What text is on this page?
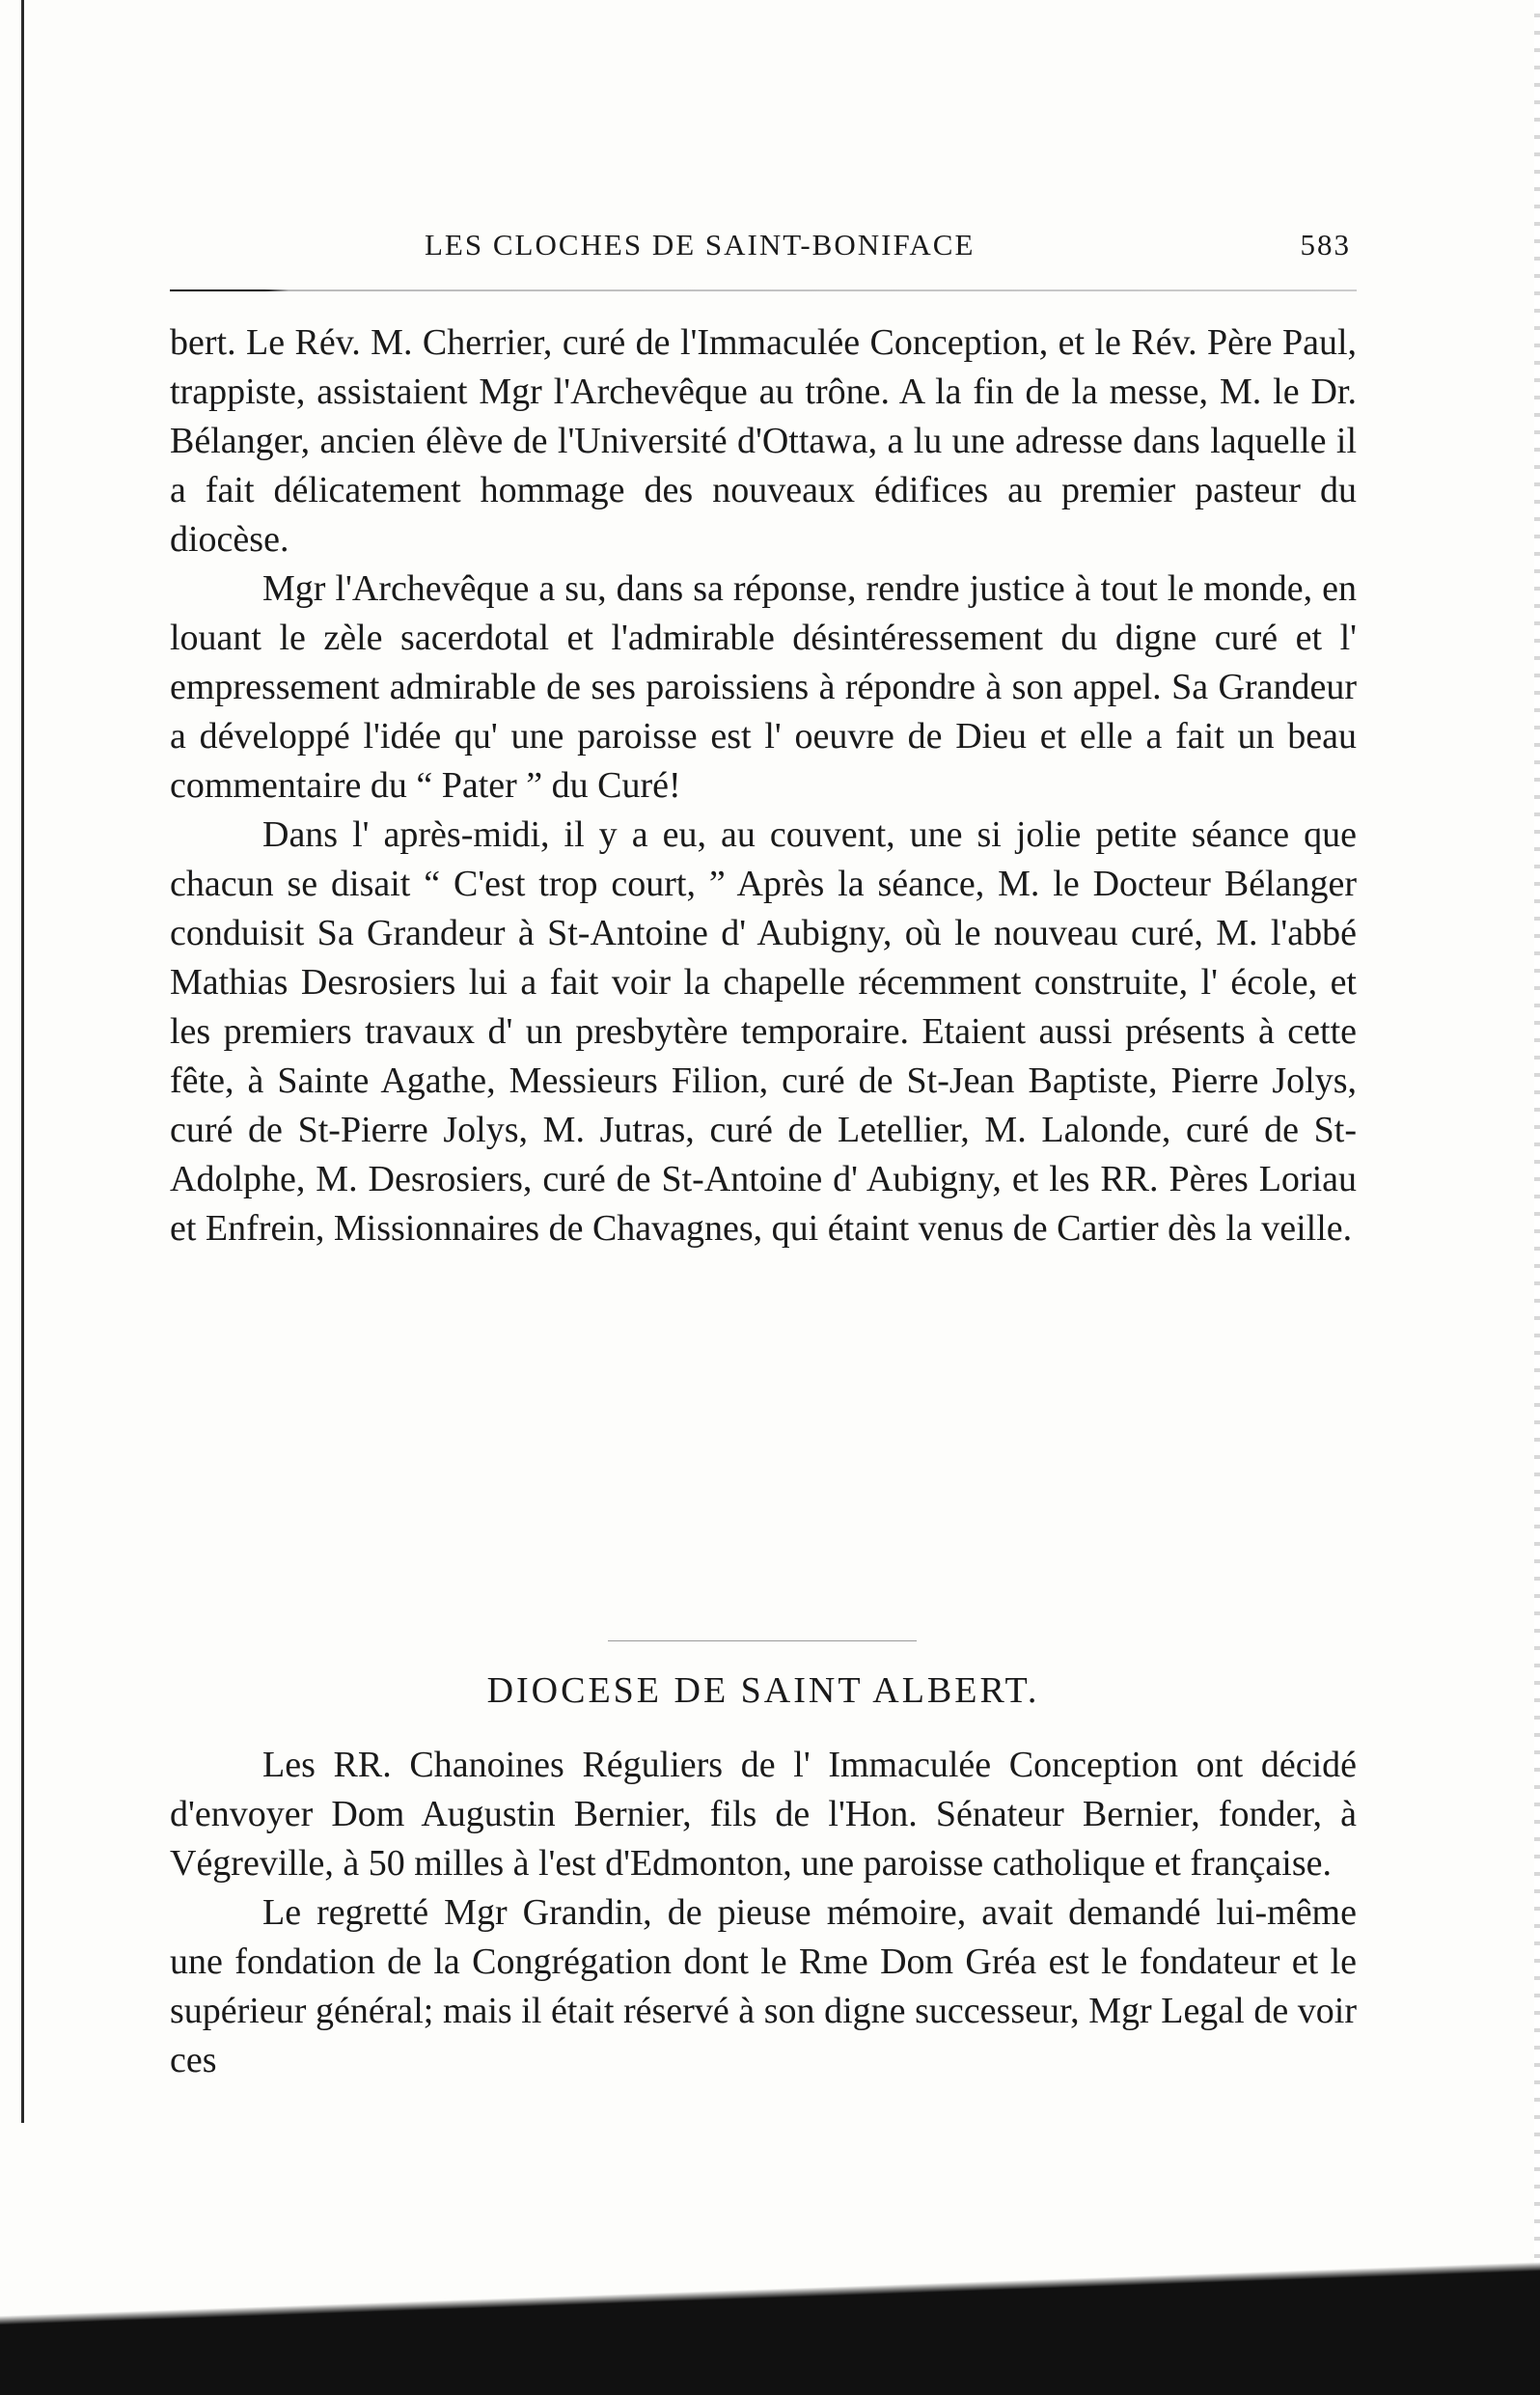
LES CLOCHES DE SAINT-BONIFACE	583

bert. Le Rév. M. Cherrier, curé de l'Immaculée Conception, et le Rév. Père Paul, trappiste, assistaient Mgr l'Archevêque au trône. A la fin de la messe, M. le Dr. Bélanger, ancien élève de l'Université d'Ottawa, a lu une adresse dans laquelle il a fait délicatement hommage des nouveaux édifices au premier pasteur du diocèse.

Mgr l'Archevêque a su, dans sa réponse, rendre justice à tout le monde, en louant le zèle sacerdotal et l'admirable désintéressement du digne curé et l' empressement admirable de ses paroissiens à répondre à son appel. Sa Grandeur a développé l'idée qu' une paroisse est l' oeuvre de Dieu et elle a fait un beau commentaire du “ Pater ” du Curé!

Dans l' après-midi, il y a eu, au couvent, une si jolie petite séance que chacun se disait “ C'est trop court, ” Après la séance, M. le Docteur Bélanger conduisit Sa Grandeur à St-Antoine d' Aubigny, où le nouveau curé, M. l'abbé Mathias Desrosiers lui a fait voir la chapelle récemment construite, l' école, et les premiers travaux d' un presbytère temporaire. Etaient aussi présents à cette fête, à Sainte Agathe, Messieurs Filion, curé de St-Jean Baptiste, Pierre Jolys, curé de St-Pierre Jolys, M. Jutras, curé de Letellier, M. Lalonde, curé de St-Adolphe, M. Desrosiers, curé de St-Antoine d' Aubigny, et les RR. Pères Loriau et Enfrein, Missionnaires de Chavagnes, qui étaint venus de Cartier dès la veille.

DIOCESE DE SAINT ALBERT.

Les RR. Chanoines Réguliers de l' Immaculée Conception ont décidé d'envoyer Dom Augustin Bernier, fils de l'Hon. Sénateur Bernier, fonder, à Végreville, à 50 milles à l'est d'Edmonton, une paroisse catholique et française.

Le regretté Mgr Grandin, de pieuse mémoire, avait demandé lui-même une fondation de la Congrégation dont le Rme Dom Gréa est le fondateur et le supérieur général; mais il était réservé à son digne successeur, Mgr Legal de voir ces
